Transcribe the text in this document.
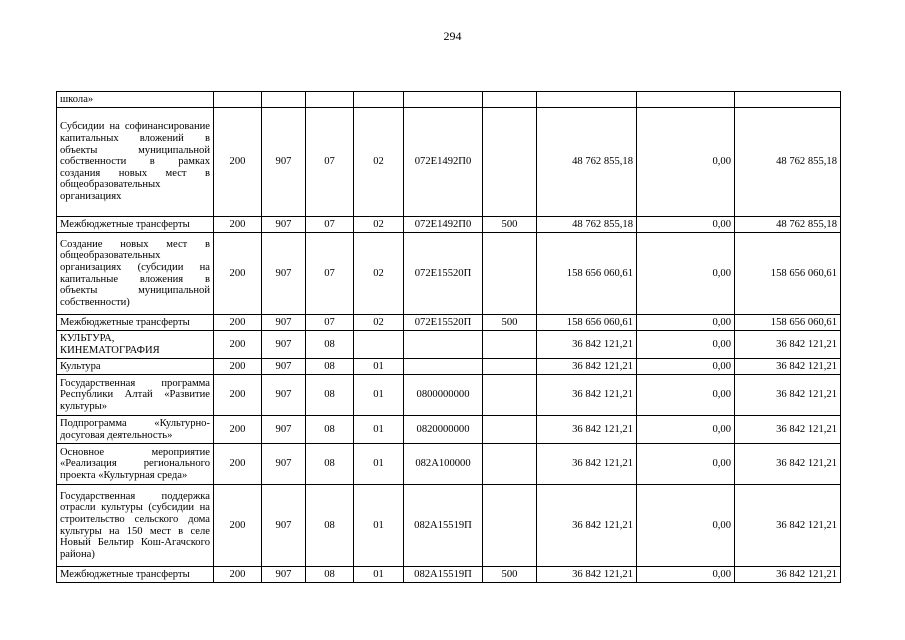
294
школа»									
Субсидии на софинансирование капитальных вложений в объекты муниципальной собственности в рамках создания новых мест в общеобразовательных организациях	200	907	07	02	072E1492П0		48 762 855,18	0,00	48 762 855,18
Межбюджетные трансферты	200	907	07	02	072E1492П0	500	48 762 855,18	0,00	48 762 855,18
Создание новых мест в общеобразовательных организациях (субсидии на капитальные вложения в объекты муниципальной собственности)	200	907	07	02	072E15520П		158 656 060,61	0,00	158 656 060,61
Межбюджетные трансферты	200	907	07	02	072E15520П	500	158 656 060,61	0,00	158 656 060,61
КУЛЬТУРА, КИНЕМАТОГРАФИЯ	200	907	08				36 842 121,21	0,00	36 842 121,21
Культура	200	907	08	01			36 842 121,21	0,00	36 842 121,21
Государственная программа Республики Алтай «Развитие культуры»	200	907	08	01	0800000000		36 842 121,21	0,00	36 842 121,21
Подпрограмма «Культурно-досуговая деятельность»	200	907	08	01	0820000000		36 842 121,21	0,00	36 842 121,21
Основное мероприятие «Реализация регионального проекта «Культурная среда»	200	907	08	01	082A100000		36 842 121,21	0,00	36 842 121,21
Государственная поддержка отрасли культуры (субсидии на строительство сельского дома культуры на 150 мест в селе Новый Бельтир Кош-Агачского района)	200	907	08	01	082A15519П		36 842 121,21	0,00	36 842 121,21
Межбюджетные трансферты	200	907	08	01	082A15519П	500	36 842 121,21	0,00	36 842 121,21
